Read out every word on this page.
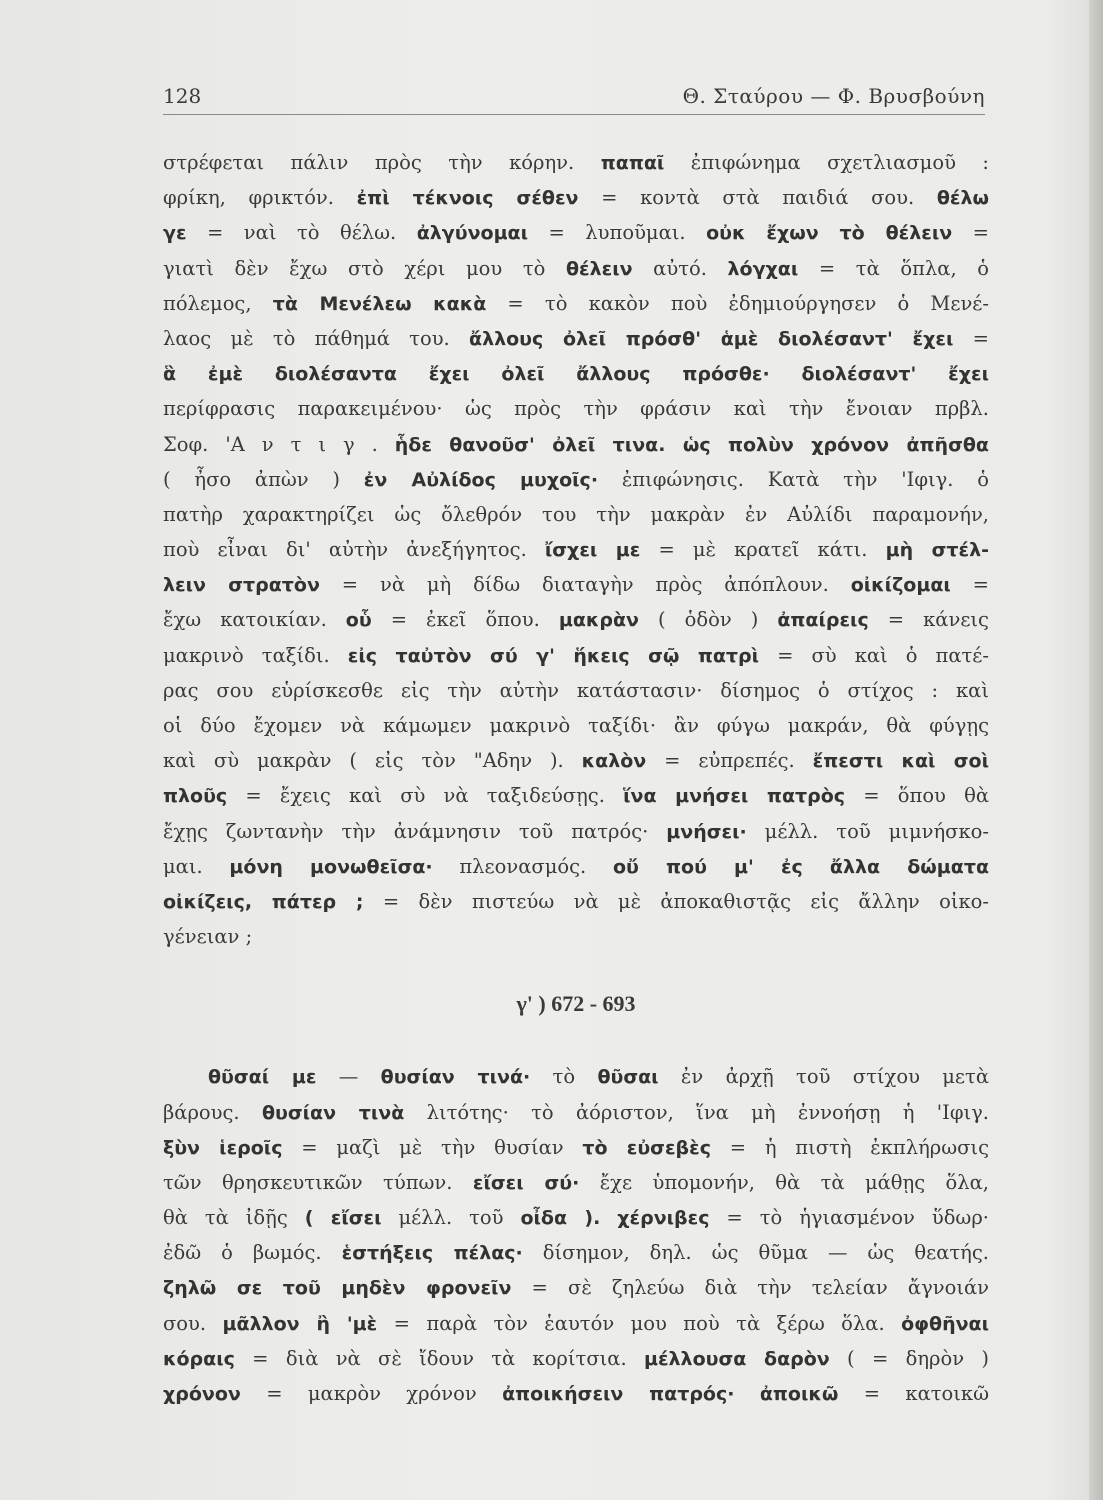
128	Θ. Σταύρου — Φ. Βρυσβούνη
στρέφεται πάλιν πρὸς τὴν κόρην. παπαῖ ἐπιφώνημα σχετλιασμοῦ :
φρίκη, φρικτόν. ἐπὶ τέκνοις σέθεν = κοντὰ στὰ παιδιά σου. θέλω
γε = ναὶ τὸ θέλω. ἀλγύνομαι = λυποῦμαι. οὐκ ἔχων τὸ θέλειν =
γιατὶ δὲν ἔχω στὸ χέρι μου τὸ θέλειν αὐτό. λόγχαι = τὰ ὅπλα, ὁ
πόλεμος, τὰ Μενέλεω κακὰ = τὸ κακὸν ποὺ ἐδημιούργησεν ὁ Μενέ-
λαος μὲ τὸ πάθημά του. ἄλλους ὀλεῖ πρόσθ' ἁμὲ διολέσαντ' ἔχει =
ἃ ἐμὲ διολέσαντα ἔχει ὀλεῖ ἄλλους πρόσθε· διολέσαντ' ἔχει
περίφρασις παρακειμένου· ὡς πρὸς τὴν φράσιν καὶ τὴν ἔνοιαν πρβλ.
Σοφ. 'Α ν τ ι γ . ἧδε θανοῦσ' ὀλεῖ τινα. ὡς πολὺν χρόνον ἀπῆσθα
( ἦσο ἀπὼν ) ἐν Αὐλίδος μυχοῖς· ἐπιφώνησις. Κατὰ τὴν 'Ιφιγ. ὁ
πατὴρ χαρακτηρίζει ὡς ὄλεθρόν του τὴν μακρὰν ἐν Αὐλίδι παραμονήν,
ποὺ εἶναι δι' αὐτὴν ἀνεξήγητος. ἴσχει με = μὲ κρατεῖ κάτι. μὴ στέλ-
λειν στρατὸν = νὰ μὴ δίδω διαταγὴν πρὸς ἀπόπλουν. οἰκίζομαι =
ἔχω κατοικίαν. οὗ = ἐκεῖ ὅπου. μακρὰν ( ὁδὸν ) ἀπαίρεις = κάνεις
μακρινὸ ταξίδι. εἰς ταὐτὸν σύ γ' ἥκεις σῷ πατρὶ = σὺ καὶ ὁ πατέ-
ρας σου εὑρίσκεσθε εἰς τὴν αὐτὴν κατάστασιν· δίσημος ὁ στίχος : καὶ
οἱ δύο ἔχομεν νὰ κάμωμεν μακρινὸ ταξίδι· ἂν φύγω μακράν, θὰ φύγῃς
καὶ σὺ μακρὰν ( εἰς τὸν "Αδην ). καλὸν = εὐπρεπές. ἔπεστι καὶ σοὶ
πλοῦς = ἔχεις καὶ σὺ νὰ ταξιδεύσῃς. ἵνα μνήσει πατρὸς = ὅπου θὰ
ἔχῃς ζωντανὴν τὴν ἀνάμνησιν τοῦ πατρός· μνήσει· μέλλ. τοῦ μιμνήσκο-
μαι. μόνη μονωθεῖσα· πλεονασμός. οὔ πού μ' ἐς ἄλλα δώματα
οἰκίζεις, πάτερ ; = δὲν πιστεύω νὰ μὲ ἀποκαθιστᾷς εἰς ἄλλην οἰκο-
γένειαν ;
γ' ) 672 - 693
θῦσαί με — θυσίαν τινά· τὸ θῦσαι ἐν ἀρχῇ τοῦ στίχου μετὰ
βάρους. θυσίαν τινὰ λιτότης· τὸ ἀόριστον, ἵνα μὴ ἐννοήσῃ ἡ 'Ιφιγ.
ξὺν ἱεροῖς = μαζὶ μὲ τὴν θυσίαν τὸ εὐσεβὲς = ἡ πιστὴ ἐκπλήρωσις
τῶν θρησκευτικῶν τύπων. εἴσει σύ· ἔχε ὑπομονήν, θὰ τὰ μάθῃς ὅλα,
θὰ τὰ ἰδῇς ( εἴσει μέλλ. τοῦ οἶδα ). χέρνιβες = τὸ ἡγιασμένον ὕδωρ·
ἐδῶ ὁ βωμός. ἑστήξεις πέλας· δίσημον, δηλ. ὡς θῦμα — ὡς θεατής.
ζηλῶ σε τοῦ μηδὲν φρονεῖν = σὲ ζηλεύω διὰ τὴν τελείαν ἄγνοιάν
σου. μᾶλλον ἢ 'μὲ = παρὰ τὸν ἑαυτόν μου ποὺ τὰ ξέρω ὅλα. ὀφθῆναι
κόραις = διὰ νὰ σὲ ἴδουν τὰ κορίτσια. μέλλουσα δαρὸν ( = δηρὸν )
χρόνον = μακρὸν χρόνον ἀποικήσειν πατρός· ἀποικῶ = κατοικῶ
